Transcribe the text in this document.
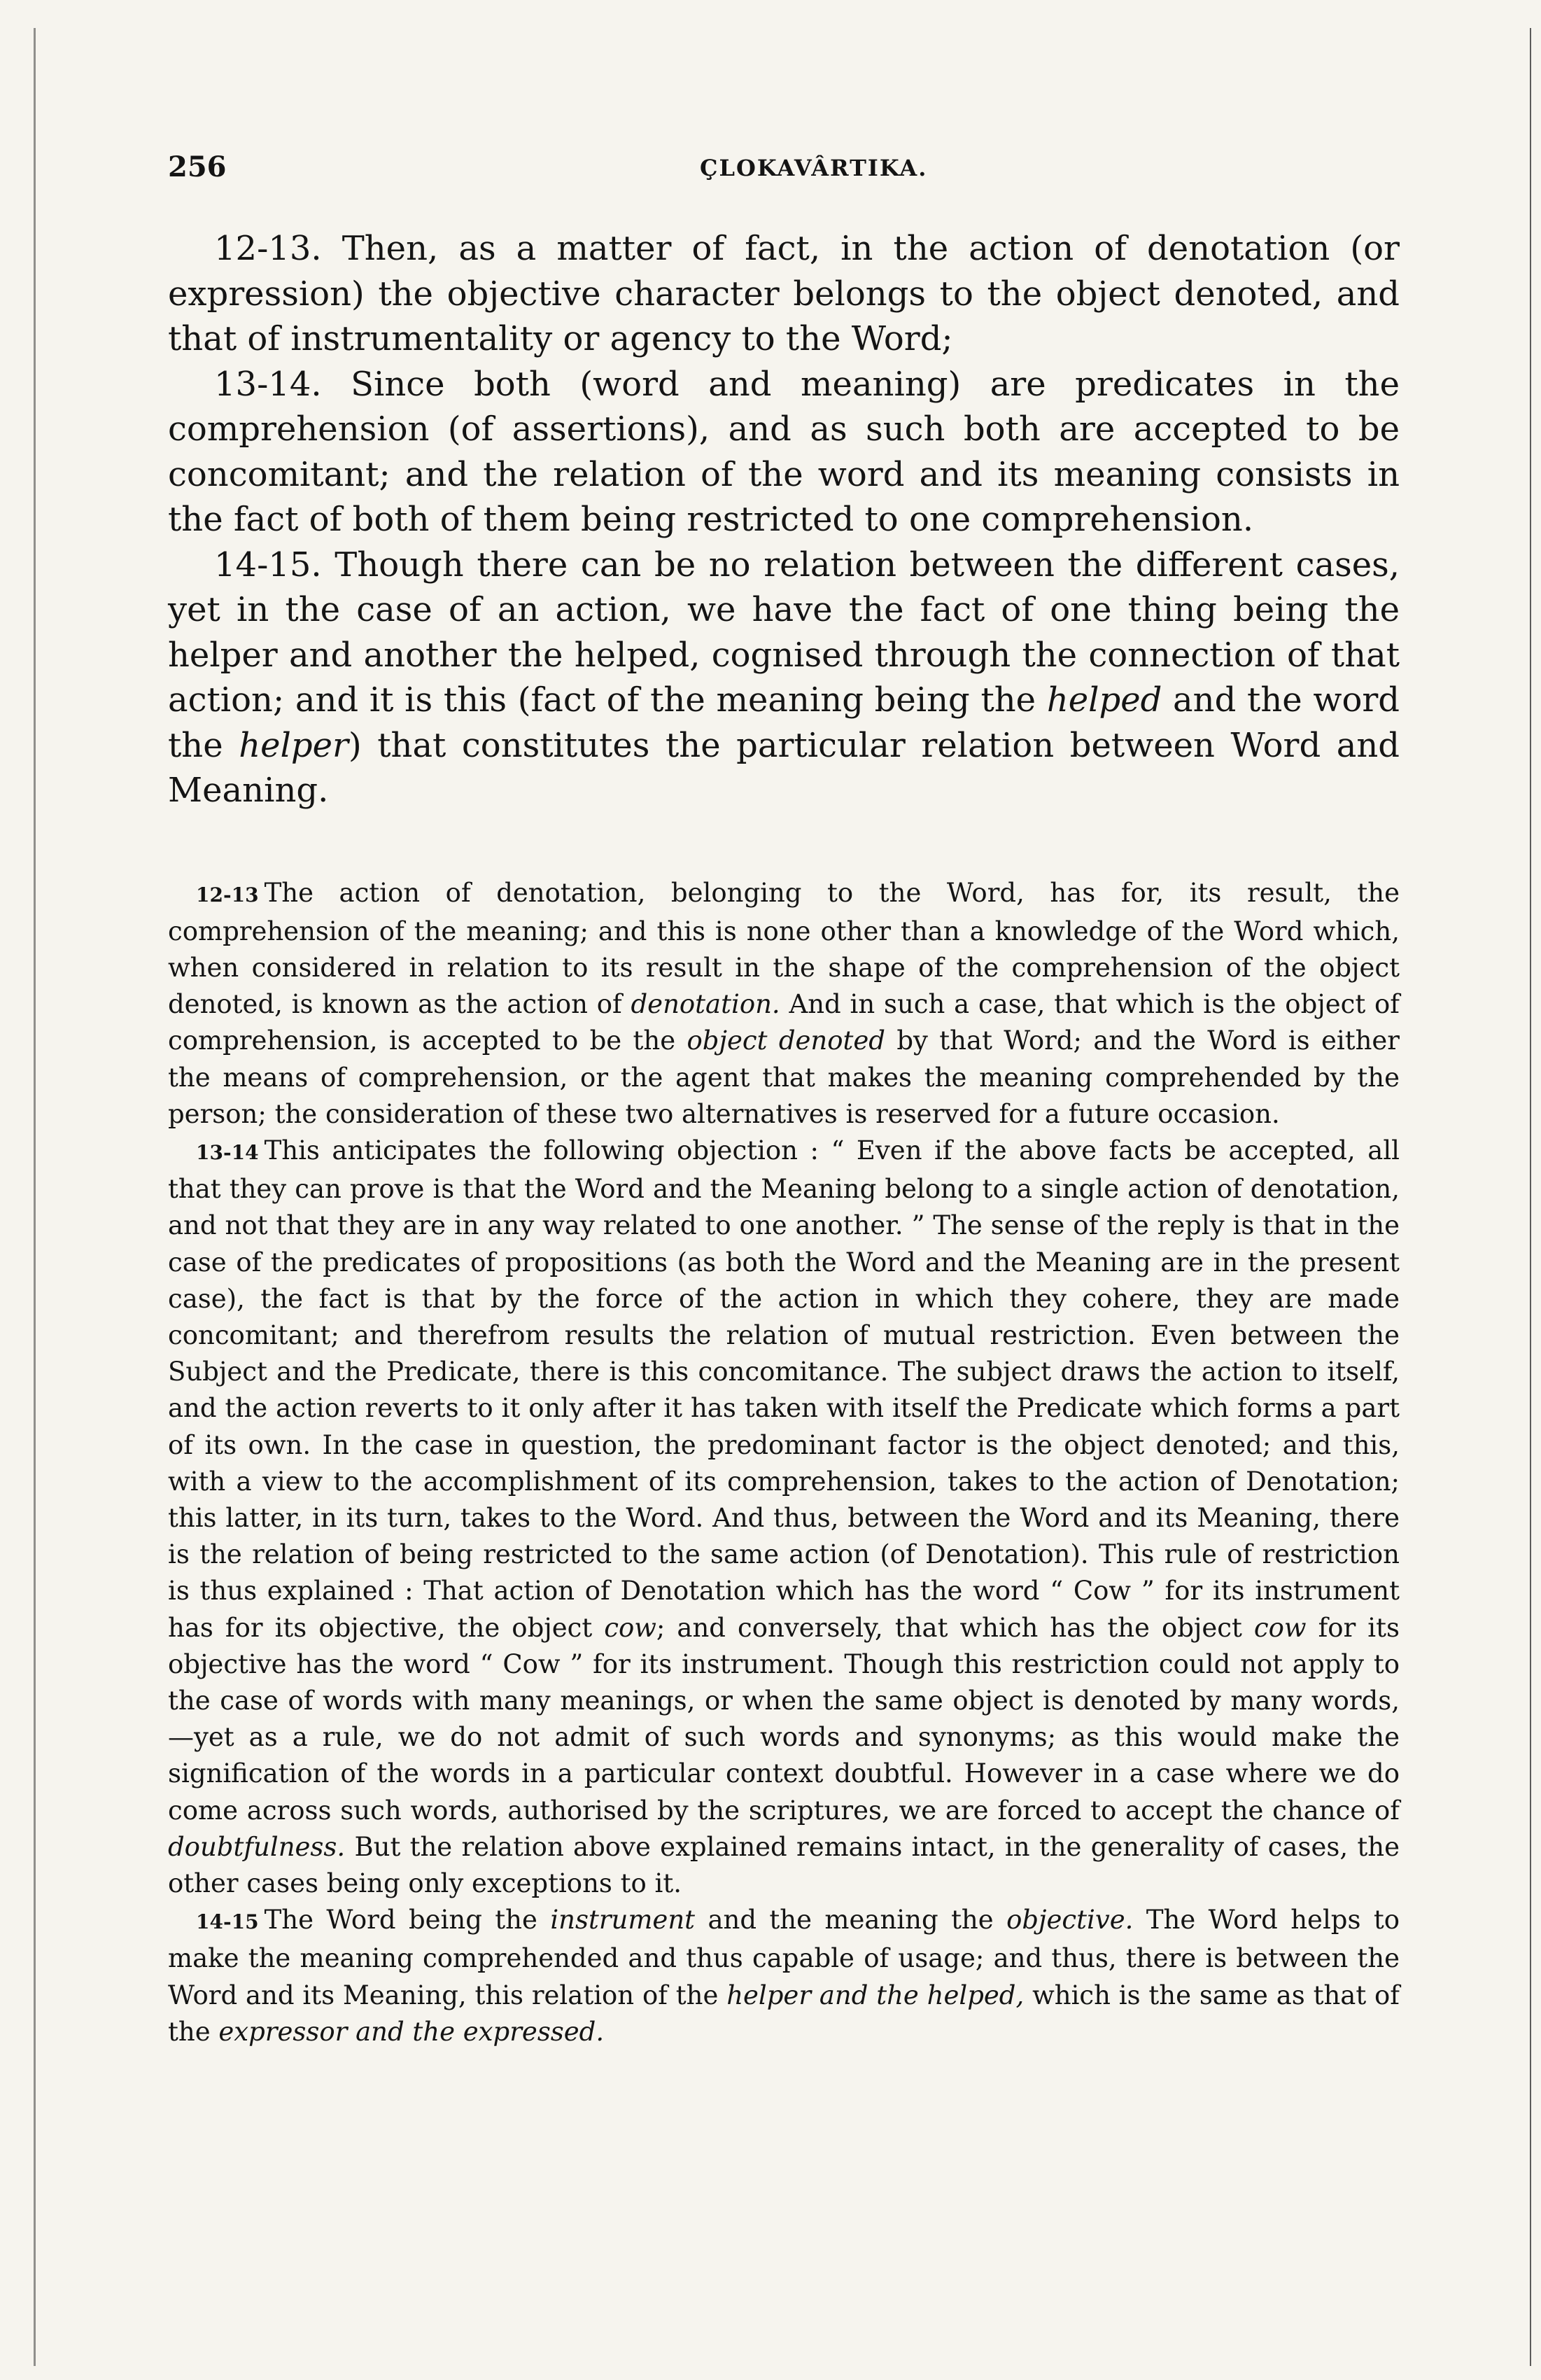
256	ÇLOKAVÂRTIKA.

12-13. Then, as a matter of fact, in the action of denotation (or expression) the objective character belongs to the object denoted, and that of instrumentality or agency to the Word;

13-14. Since both (word and meaning) are predicates in the comprehension (of assertions), and as such both are accepted to be concomitant; and the relation of the word and its meaning consists in the fact of both of them being restricted to one comprehension.

14-15. Though there can be no relation between the different cases, yet in the case of an action, we have the fact of one thing being the helper and another the helped, cognised through the connection of that action; and it is this (fact of the meaning being the helped and the word the helper) that constitutes the particular relation between Word and Meaning.

12-13 The action of denotation, belonging to the Word, has for, its result, the comprehension of the meaning; and this is none other than a knowledge of the Word which, when considered in relation to its result in the shape of the comprehension of the object denoted, is known as the action of denotation. And in such a case, that which is the object of comprehension, is accepted to be the object denoted by that Word; and the Word is either the means of comprehension, or the agent that makes the meaning comprehended by the person; the consideration of these two alternatives is reserved for a future occasion.

13-14 This anticipates the following objection : “ Even if the above facts be accepted, all that they can prove is that the Word and the Meaning belong to a single action of denotation, and not that they are in any way related to one another. ” The sense of the reply is that in the case of the predicates of propositions (as both the Word and the Meaning are in the present case), the fact is that by the force of the action in which they cohere, they are made concomitant; and therefrom results the relation of mutual restriction. Even between the Subject and the Predicate, there is this concomitance. The subject draws the action to itself, and the action reverts to it only after it has taken with itself the Predicate which forms a part of its own. In the case in question, the predominant factor is the object denoted; and this, with a view to the accomplishment of its comprehension, takes to the action of Denotation; this latter, in its turn, takes to the Word. And thus, between the Word and its Meaning, there is the relation of being restricted to the same action (of Denotation). This rule of restriction is thus explained : That action of Denotation which has the word “ Cow ” for its instrument has for its objective, the object cow; and conversely, that which has the object cow for its objective has the word “ Cow ” for its instrument. Though this restriction could not apply to the case of words with many meanings, or when the same object is denoted by many words,—yet as a rule, we do not admit of such words and synonyms; as this would make the signification of the words in a particular context doubtful. However in a case where we do come across such words, authorised by the scriptures, we are forced to accept the chance of doubtfulness. But the relation above explained remains intact, in the generality of cases, the other cases being only exceptions to it.

14-15 The Word being the instrument and the meaning the objective. The Word helps to make the meaning comprehended and thus capable of usage; and thus, there is between the Word and its Meaning, this relation of the helper and the helped, which is the same as that of the expressor and the expressed.
